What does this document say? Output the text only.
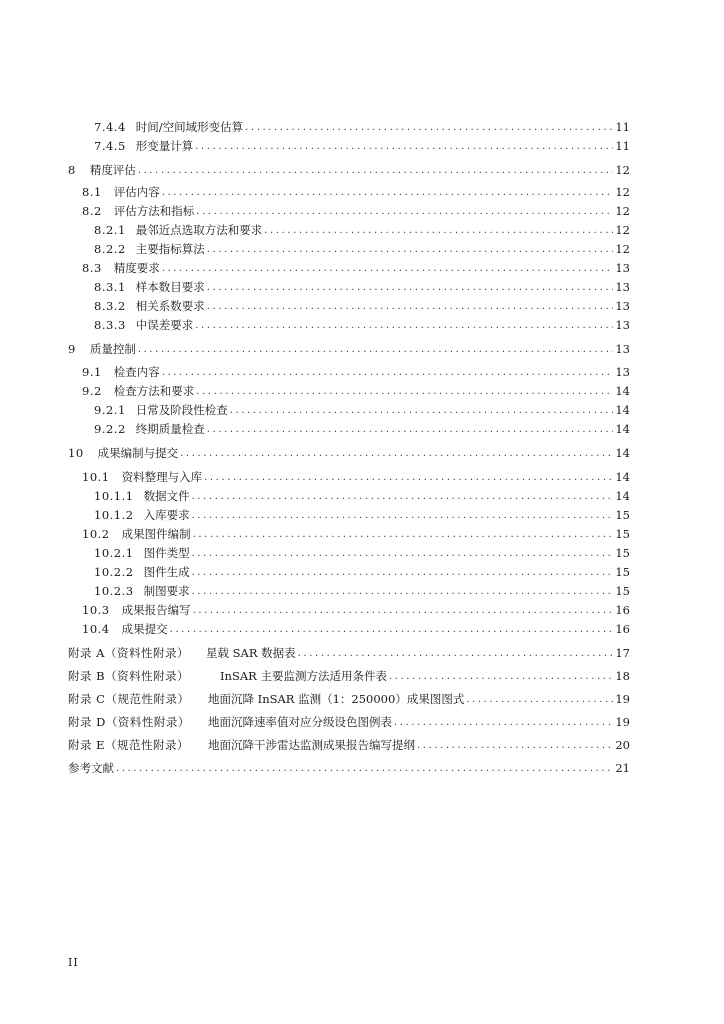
7.4.4 时间/空间域形变估算 .....	11
7.4.5 形变量计算 .....	11
8 精度评估 .....	12
8.1 评估内容 .....	12
8.2 评估方法和指标 .....	12
8.2.1 最邻近点选取方法和要求 .....	12
8.2.2 主要指标算法 .....	12
8.3 精度要求 .....	13
8.3.1 样本数目要求 .....	13
8.3.2 相关系数要求 .....	13
8.3.3 中误差要求 .....	13
9 质量控制 .....	13
9.1 检查内容 .....	13
9.2 检查方法和要求 .....	14
9.2.1 日常及阶段性检查 .....	14
9.2.2 终期质量检查 .....	14
10 成果编制与提交 .....	14
10.1 资料整理与入库 .....	14
10.1.1 数据文件 .....	14
10.1.2 入库要求 .....	15
10.2 成果图件编制 .....	15
10.2.1 图件类型 .....	15
10.2.2 图件生成 .....	15
10.2.3 制图要求 .....	15
10.3 成果报告编写 .....	16
10.4 成果提交 .....	16
附录 A（资料性附录）	星载 SAR 数据表 .....	17
附录 B（资料性附录）	InSAR 主要监测方法适用条件表 .....	18
附录 C（规范性附录）	地面沉降 InSAR 监测（1：250000）成果图图式 .....	19
附录 D（资料性附录）	地面沉降速率值对应分级设色图例表 .....	19
附录 E（规范性附录）	地面沉降干涉雷达监测成果报告编写提纲 .....	20
参考文献 .....	21
II
